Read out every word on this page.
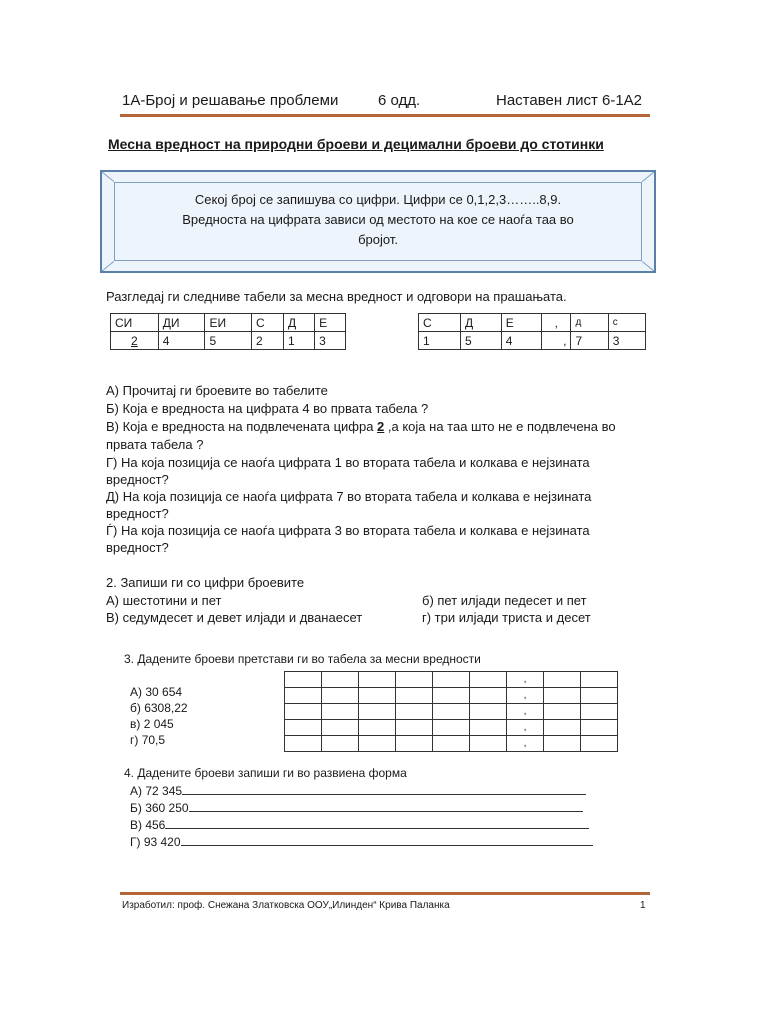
1А-Број и решавање проблеми	6 одд.	Наставен лист 6-1А2
Месна вредност на природни броеви и децимални броеви до стотинки
Секој број се запишува со цифри. Цифри се 0,1,2,3……..8,9.
Вредноста на цифрата зависи од местото на кое се наоѓа таа во
бројот.
Разгледај ги следниве табели за месна вредност и одговори на прашањата.
СИ	ДИ	ЕИ	С	Д	Е
2	4	5	2	1	3
С	Д	Е	,	д	с
1	5	4	,	7	3
А) Прочитај ги броевите во табелите
Б) Која е вредноста на цифрата 4 во првата табела ?
В) Која е вредноста на подвлечената цифра 2 ,а која на таа што не е подвлечена во
првата табела ?
Г) На која позиција се наоѓа цифрата 1 во втората табела и колкава е нејзината
вредност?
Д) На која позиција се наоѓа цифрата 7 во втората табела и колкава е нејзината
вредност?
Ѓ) На која позиција се наоѓа цифрата 3 во втората табела и колкава е нејзината
вредност?
2. Запиши ги со цифри броевите
А) шестотини и пет	б) пет илјади педесет и пет
В) седумдесет и девет илјади и дванаесет	г) три илјади триста и десет
3. Дадените броеви претстави ги во табела за месни вредности
А) 30 654
б) 6308,22
в) 2 045
г) 70,5
						,		
						,		
						,		
						,		
						,		
4. Дадените броеви запиши ги во развиена форма
А) 72 345
Б) 360 250
В) 456
Г) 93 420
Изработил: проф. Снежана Златковска ООУ„Илинден“ Крива Паланка	1
